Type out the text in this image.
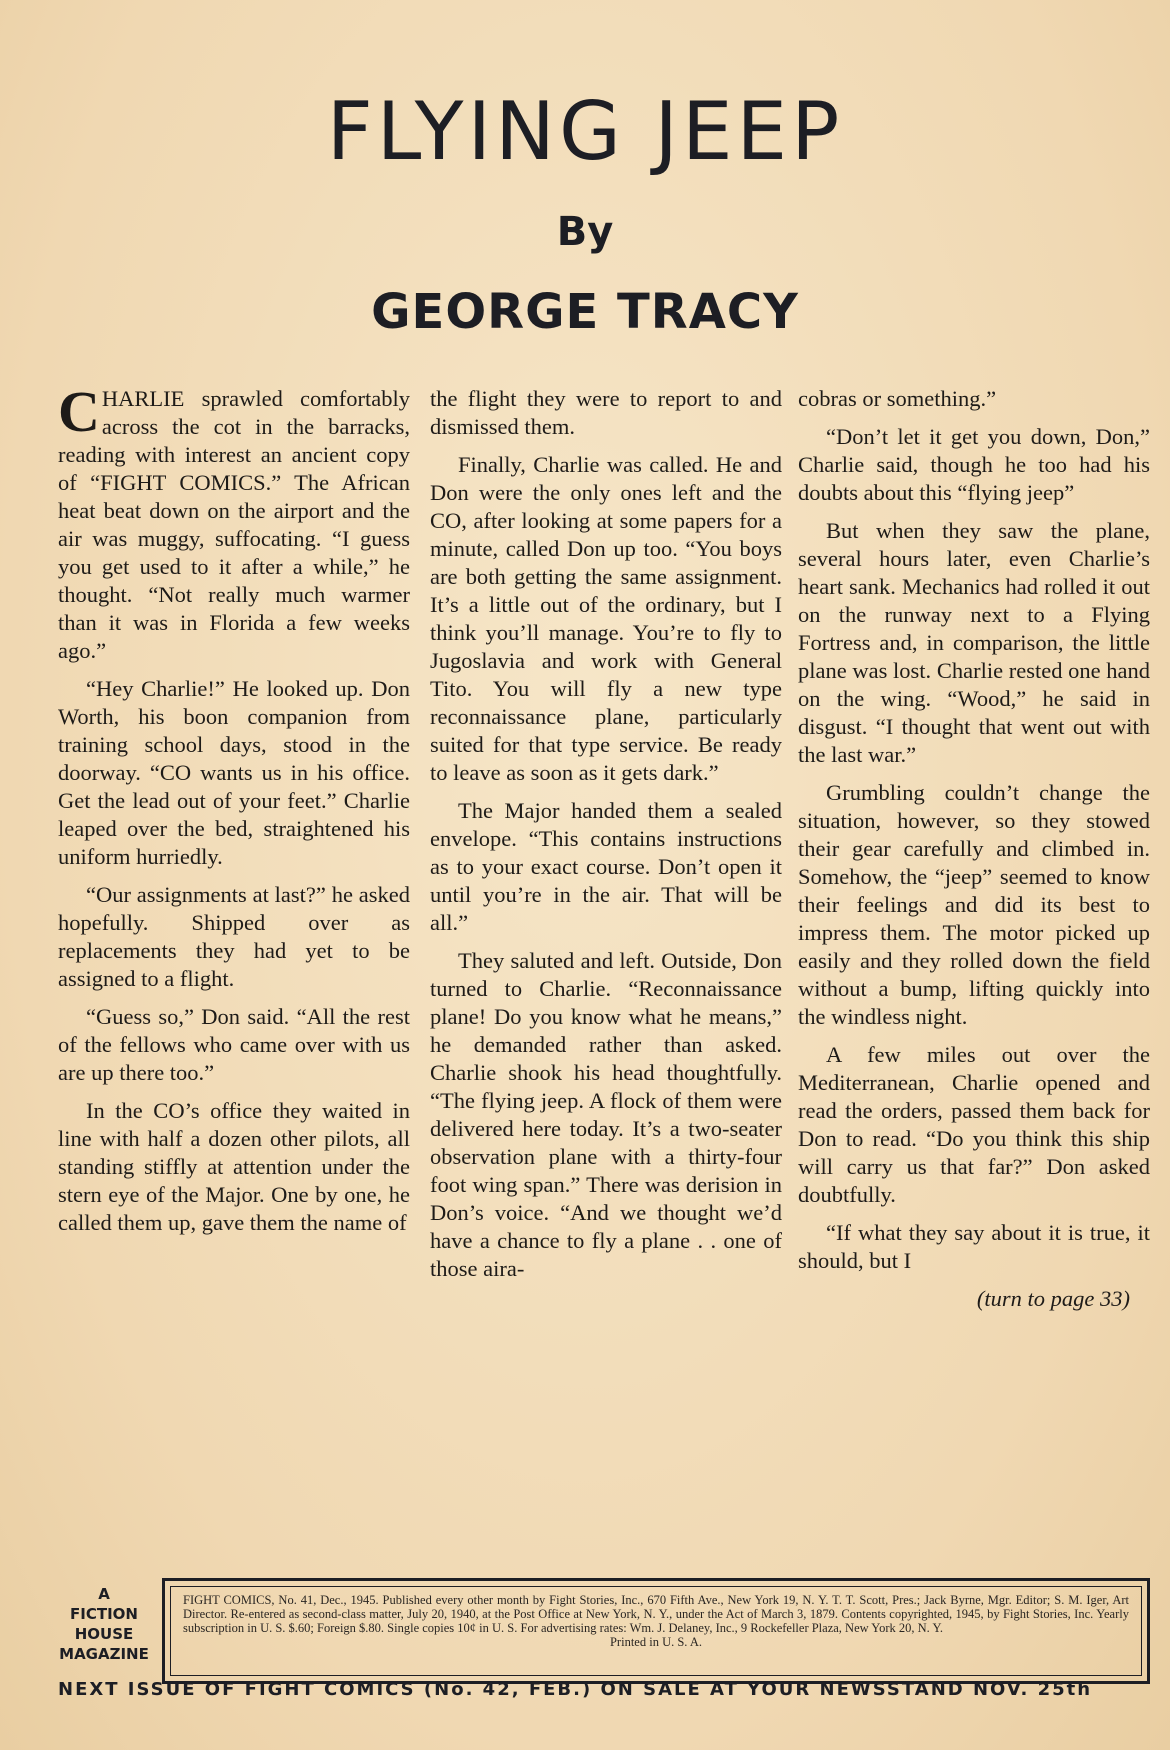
FLYING JEEP
By
GEORGE TRACY

CHARLIE sprawled comfortably across the cot in the barracks, reading with interest an ancient copy of “FIGHT COMICS.” The African heat beat down on the airport and the air was muggy, suffocating. “I guess you get used to it after a while,” he thought. “Not really much warmer than it was in Florida a few weeks ago.”

“Hey Charlie!” He looked up. Don Worth, his boon companion from training school days, stood in the doorway. “CO wants us in his office. Get the lead out of your feet.” Charlie leaped over the bed, straightened his uniform hurriedly.

“Our assignments at last?” he asked hopefully. Shipped over as replacements they had yet to be assigned to a flight.

“Guess so,” Don said. “All the rest of the fellows who came over with us are up there too.”

In the CO’s office they waited in line with half a dozen other pilots, all standing stiffly at attention under the stern eye of the Major. One by one, he called them up, gave them the name of

the flight they were to report to and dismissed them.

Finally, Charlie was called. He and Don were the only ones left and the CO, after looking at some papers for a minute, called Don up too. “You boys are both getting the same assignment. It’s a little out of the ordinary, but I think you’ll manage. You’re to fly to Jugoslavia and work with General Tito. You will fly a new type reconnaissance plane, particularly suited for that type service. Be ready to leave as soon as it gets dark.”

The Major handed them a sealed envelope. “This contains instructions as to your exact course. Don’t open it until you’re in the air. That will be all.”

They saluted and left. Outside, Don turned to Charlie. “Reconnaissance plane! Do you know what he means,” he demanded rather than asked. Charlie shook his head thoughtfully. “The flying jeep. A flock of them were delivered here today. It’s a two-seater observation plane with a thirty-four foot wing span.” There was derision in Don’s voice. “And we thought we’d have a chance to fly a plane . . one of those aira-

cobras or something.”

“Don’t let it get you down, Don,” Charlie said, though he too had his doubts about this “flying jeep”

But when they saw the plane, several hours later, even Charlie’s heart sank. Mechanics had rolled it out on the runway next to a Flying Fortress and, in comparison, the little plane was lost. Charlie rested one hand on the wing. “Wood,” he said in disgust. “I thought that went out with the last war.”

Grumbling couldn’t change the situation, however, so they stowed their gear carefully and climbed in. Somehow, the “jeep” seemed to know their feelings and did its best to impress them. The motor picked up easily and they rolled down the field without a bump, lifting quickly into the windless night.

A few miles out over the Mediterranean, Charlie opened and read the orders, passed them back for Don to read. “Do you think this ship will carry us that far?” Don asked doubtfully.

“If what they say about it is true, it should, but I

(turn to page 33)
A
FICTION
HOUSE
MAGAZINE
FIGHT COMICS, No. 41, Dec., 1945. Published every other month by Fight Stories, Inc., 670 Fifth Ave., New York 19, N. Y. T. T. Scott, Pres.; Jack Byrne, Mgr. Editor; S. M. Iger, Art Director. Re-entered as second-class matter, July 20, 1940, at the Post Office at New York, N. Y., under the Act of March 3, 1879. Contents copyrighted, 1945, by Fight Stories, Inc. Yearly subscription in U. S. $.60; Foreign $.80. Single copies 10¢ in U. S. For advertising rates: Wm. J. Delaney, Inc., 9 Rockefeller Plaza, New York 20, N. Y.
Printed in U. S. A.
NEXT ISSUE OF FIGHT COMICS (No. 42, FEB.) ON SALE AT YOUR NEWSSTAND NOV. 25th
